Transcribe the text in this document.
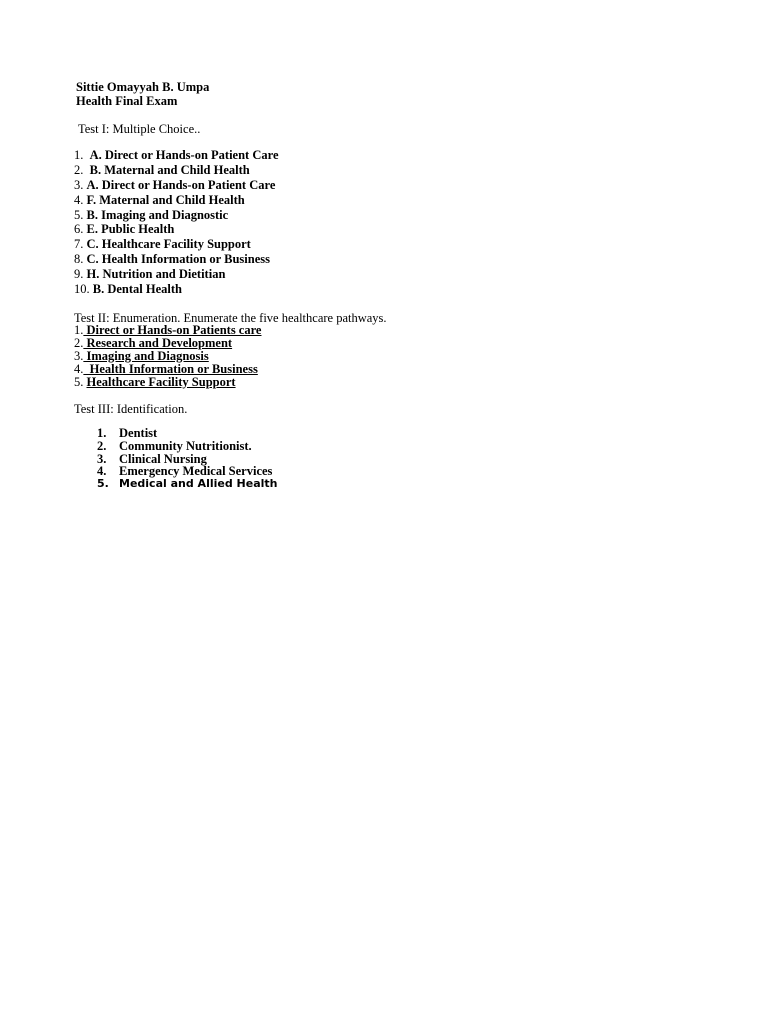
Sittie Omayyah B. Umpa
Health Final Exam
Test I: Multiple Choice..
1. A. Direct or Hands-on Patient Care
2. B. Maternal and Child Health
3. A. Direct or Hands-on Patient Care
4. F. Maternal and Child Health
5. B. Imaging and Diagnostic
6. E. Public Health
7. C. Healthcare Facility Support
8. C. Health Information or Business
9. H. Nutrition and Dietitian
10. B. Dental Health
Test II: Enumeration. Enumerate the five healthcare pathways.
1. Direct or Hands-on Patients care
2. Research and Development
3. Imaging and Diagnosis
4.  Health Information or Business
5. Healthcare Facility Support
Test III: Identification.
1. Dentist
2. Community Nutritionist.
3. Clinical Nursing
4. Emergency Medical Services
5. Medical and Allied Health
